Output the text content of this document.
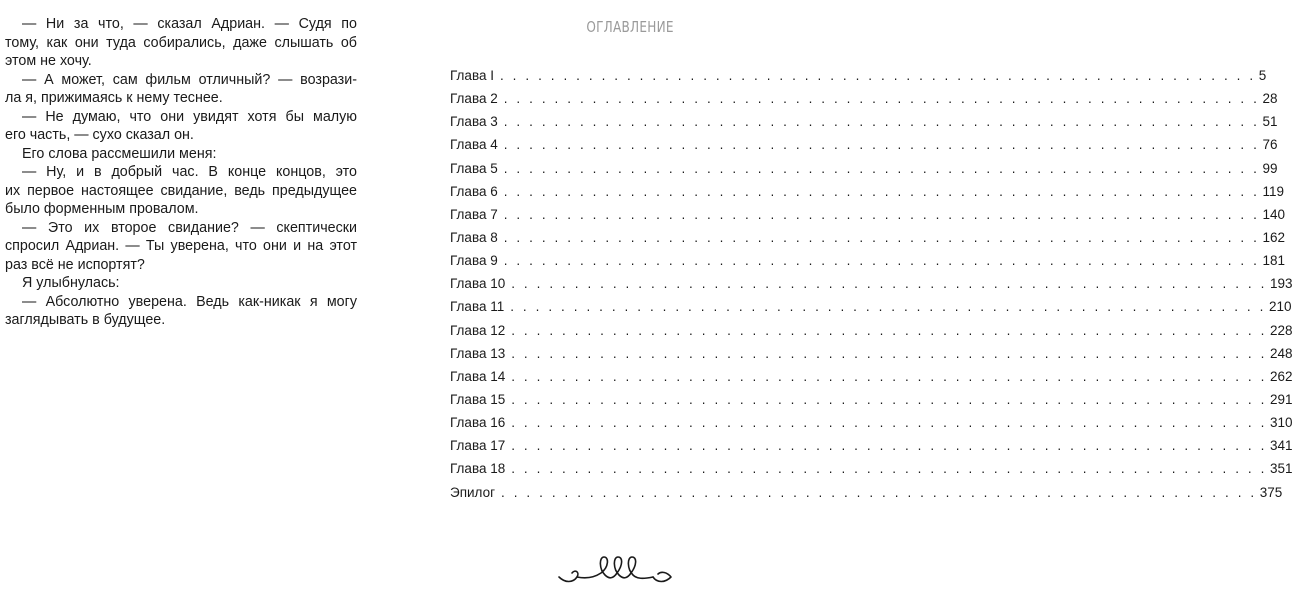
— Ни за что, — сказал Адриан. — Судя по
тому, как они туда собирались, даже слышать об
этом не хочу.
— А может, сам фильм отличный? — возрази-
ла я, прижимаясь к нему теснее.
— Не думаю, что они увидят хотя бы малую
его часть, — сухо сказал он.
Его слова рассмешили меня:
— Ну, и в добрый час. В конце концов, это
их первое настоящее свидание, ведь предыдущее
было форменным провалом.
— Это их второе свидание? — скептически
спросил Адриан. — Ты уверена, что они и на этот
раз всё не испортят?
Я улыбнулась:
— Абсолютно уверена. Ведь как-никак я могу
заглядывать в будущее.
ОГЛАВЛЕНИЕ
Глава I . . . . . . . . . . . . . . . . . . . . . . . . . . . . . . . . . . . . . . . . . . . . . . . . . . . . . . . . . . . . 5
Глава 2 . . . . . . . . . . . . . . . . . . . . . . . . . . . . . . . . . . . . . . . . . . . . . . . . . . . . . . . . . . . . 28
Глава 3 . . . . . . . . . . . . . . . . . . . . . . . . . . . . . . . . . . . . . . . . . . . . . . . . . . . . . . . . . . . . 51
Глава 4 . . . . . . . . . . . . . . . . . . . . . . . . . . . . . . . . . . . . . . . . . . . . . . . . . . . . . . . . . . . . 76
Глава 5 . . . . . . . . . . . . . . . . . . . . . . . . . . . . . . . . . . . . . . . . . . . . . . . . . . . . . . . . . . . . 99
Глава 6 . . . . . . . . . . . . . . . . . . . . . . . . . . . . . . . . . . . . . . . . . . . . . . . . . . . . . . . . . . . . 119
Глава 7 . . . . . . . . . . . . . . . . . . . . . . . . . . . . . . . . . . . . . . . . . . . . . . . . . . . . . . . . . . . . 140
Глава 8 . . . . . . . . . . . . . . . . . . . . . . . . . . . . . . . . . . . . . . . . . . . . . . . . . . . . . . . . . . . . 162
Глава 9 . . . . . . . . . . . . . . . . . . . . . . . . . . . . . . . . . . . . . . . . . . . . . . . . . . . . . . . . . . . . 181
Глава 10 . . . . . . . . . . . . . . . . . . . . . . . . . . . . . . . . . . . . . . . . . . . . . . . . . . . . . . . . . . . . 193
Глава 11 . . . . . . . . . . . . . . . . . . . . . . . . . . . . . . . . . . . . . . . . . . . . . . . . . . . . . . . . . . . . 210
Глава 12 . . . . . . . . . . . . . . . . . . . . . . . . . . . . . . . . . . . . . . . . . . . . . . . . . . . . . . . . . . . . 228
Глава 13 . . . . . . . . . . . . . . . . . . . . . . . . . . . . . . . . . . . . . . . . . . . . . . . . . . . . . . . . . . . . 248
Глава 14 . . . . . . . . . . . . . . . . . . . . . . . . . . . . . . . . . . . . . . . . . . . . . . . . . . . . . . . . . . . . 262
Глава 15 . . . . . . . . . . . . . . . . . . . . . . . . . . . . . . . . . . . . . . . . . . . . . . . . . . . . . . . . . . . . 291
Глава 16 . . . . . . . . . . . . . . . . . . . . . . . . . . . . . . . . . . . . . . . . . . . . . . . . . . . . . . . . . . . . 310
Глава 17 . . . . . . . . . . . . . . . . . . . . . . . . . . . . . . . . . . . . . . . . . . . . . . . . . . . . . . . . . . . . 341
Глава 18 . . . . . . . . . . . . . . . . . . . . . . . . . . . . . . . . . . . . . . . . . . . . . . . . . . . . . . . . . . . . 351
Эпилог . . . . . . . . . . . . . . . . . . . . . . . . . . . . . . . . . . . . . . . . . . . . . . . . . . . . . . . . . . . . 375
